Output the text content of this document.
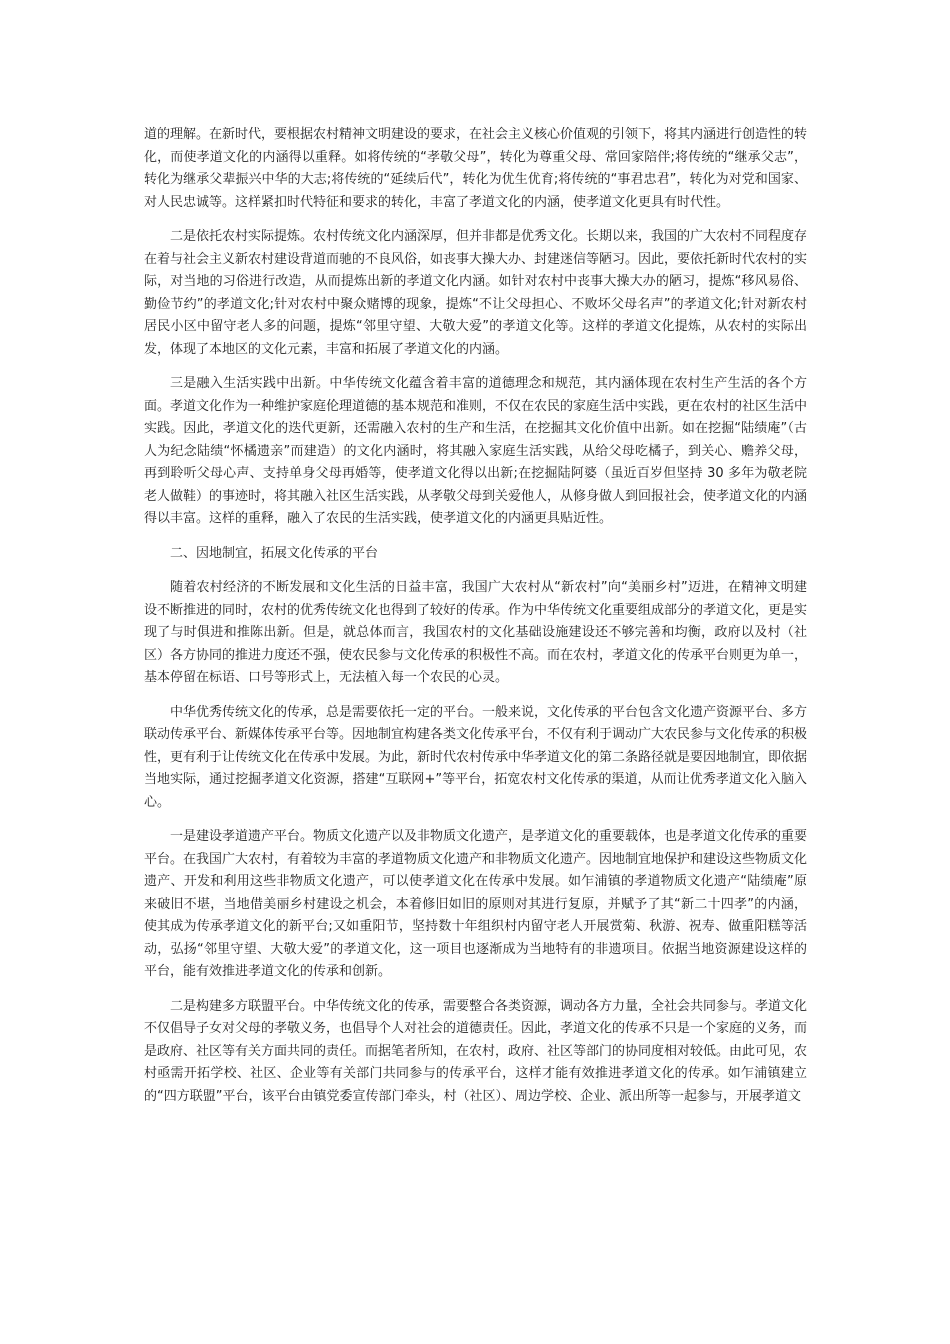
道的理解。在新时代，要根据农村精神文明建设的要求，在社会主义核心价值观的引领下，将其内涵进行创造性的转化，而使孝道文化的内涵得以重释。如将传统的“孝敬父母”，转化为尊重父母、常回家陪伴;将传统的“继承父志”，转化为继承父辈振兴中华的大志;将传统的“延续后代”，转化为优生优育;将传统的“事君忠君”，转化为对党和国家、对人民忠诚等。这样紧扣时代特征和要求的转化，丰富了孝道文化的内涵，使孝道文化更具有时代性。

二是依托农村实际提炼。农村传统文化内涵深厚，但并非都是优秀文化。长期以来，我国的广大农村不同程度存在着与社会主义新农村建设背道而驰的不良风俗，如丧事大操大办、封建迷信等陋习。因此，要依托新时代农村的实际，对当地的习俗进行改造，从而提炼出新的孝道文化内涵。如针对农村中丧事大操大办的陋习，提炼“移风易俗、勤俭节约”的孝道文化;针对农村中聚众赌博的现象，提炼“不让父母担心、不败坏父母名声”的孝道文化;针对新农村居民小区中留守老人多的问题，提炼“邻里守望、大敬大爱”的孝道文化等。这样的孝道文化提炼，从农村的实际出发，体现了本地区的文化元素，丰富和拓展了孝道文化的内涵。

三是融入生活实践中出新。中华传统文化蕴含着丰富的道德理念和规范，其内涵体现在农村生产生活的各个方面。孝道文化作为一种维护家庭伦理道德的基本规范和准则，不仅在农民的家庭生活中实践，更在农村的社区生活中实践。因此，孝道文化的迭代更新，还需融入农村的生产和生活，在挖掘其文化价值中出新。如在挖掘“陆绩庵”（古人为纪念陆绩“怀橘遗亲”而建造）的文化内涵时，将其融入家庭生活实践，从给父母吃橘子，到关心、赡养父母，再到聆听父母心声、支持单身父母再婚等，使孝道文化得以出新;在挖掘陆阿婆（虽近百岁但坚持 30 多年为敬老院老人做鞋）的事迹时，将其融入社区生活实践，从孝敬父母到关爱他人，从修身做人到回报社会，使孝道文化的内涵得以丰富。这样的重释，融入了农民的生活实践，使孝道文化的内涵更具贴近性。

二、因地制宜，拓展文化传承的平台

随着农村经济的不断发展和文化生活的日益丰富，我国广大农村从“新农村”向“美丽乡村”迈进，在精神文明建设不断推进的同时，农村的优秀传统文化也得到了较好的传承。作为中华传统文化重要组成部分的孝道文化，更是实现了与时俱进和推陈出新。但是，就总体而言，我国农村的文化基础设施建设还不够完善和均衡，政府以及村（社区）各方协同的推进力度还不强，使农民参与文化传承的积极性不高。而在农村，孝道文化的传承平台则更为单一，基本停留在标语、口号等形式上，无法植入每一个农民的心灵。

中华优秀传统文化的传承，总是需要依托一定的平台。一般来说，文化传承的平台包含文化遗产资源平台、多方联动传承平台、新媒体传承平台等。因地制宜构建各类文化传承平台，不仅有利于调动广大农民参与文化传承的积极性，更有利于让传统文化在传承中发展。为此，新时代农村传承中华孝道文化的第二条路径就是要因地制宜，即依据当地实际，通过挖掘孝道文化资源，搭建“互联网+”等平台，拓宽农村文化传承的渠道，从而让优秀孝道文化入脑入心。

一是建设孝道遗产平台。物质文化遗产以及非物质文化遗产，是孝道文化的重要载体，也是孝道文化传承的重要平台。在我国广大农村，有着较为丰富的孝道物质文化遗产和非物质文化遗产。因地制宜地保护和建设这些物质文化遗产、开发和利用这些非物质文化遗产，可以使孝道文化在传承中发展。如乍浦镇的孝道物质文化遗产“陆绩庵”原来破旧不堪，当地借美丽乡村建设之机会，本着修旧如旧的原则对其进行复原，并赋予了其“新二十四孝”的内涵，使其成为传承孝道文化的新平台;又如重阳节，坚持数十年组织村内留守老人开展赏菊、秋游、祝寿、做重阳糕等活动，弘扬“邻里守望、大敬大爱”的孝道文化，这一项目也逐渐成为当地特有的非遗项目。依据当地资源建设这样的平台，能有效推进孝道文化的传承和创新。

二是构建多方联盟平台。中华传统文化的传承，需要整合各类资源，调动各方力量，全社会共同参与。孝道文化不仅倡导子女对父母的孝敬义务，也倡导个人对社会的道德责任。因此，孝道文化的传承不只是一个家庭的义务，而是政府、社区等有关方面共同的责任。而据笔者所知，在农村，政府、社区等部门的协同度相对较低。由此可见，农村亟需开拓学校、社区、企业等有关部门共同参与的传承平台，这样才能有效推进孝道文化的传承。如乍浦镇建立的“四方联盟”平台，该平台由镇党委宣传部门牵头，村（社区）、周边学校、企业、派出所等一起参与，开展孝道文
